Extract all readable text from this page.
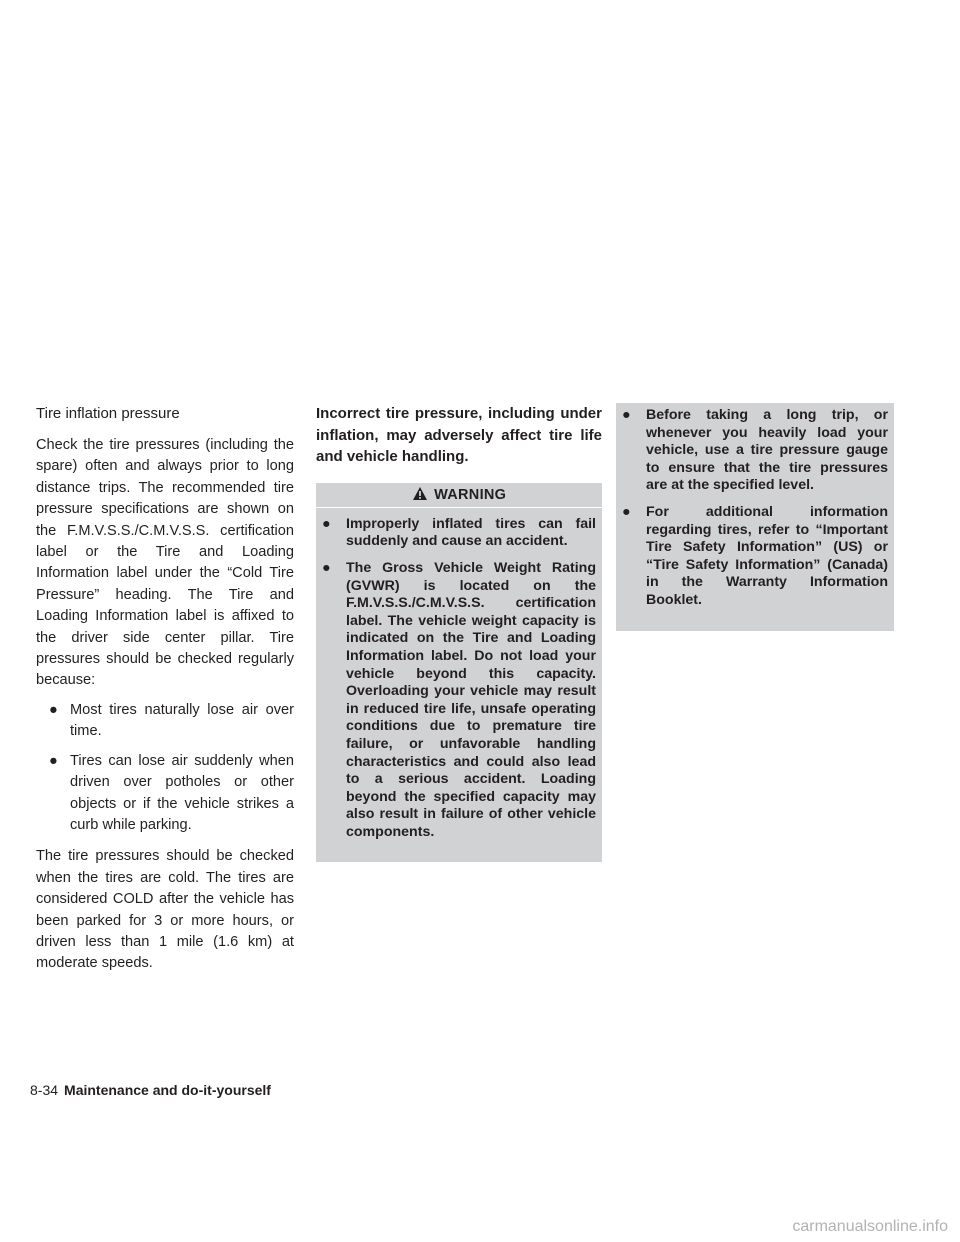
Tire inflation pressure

Check the tire pressures (including the spare) often and always prior to long distance trips. The recommended tire pressure specifications are shown on the F.M.V.S.S./C.M.V.S.S. certification label or the Tire and Loading Information label under the “Cold Tire Pressure” heading. The Tire and Loading Information label is affixed to the driver side center pillar. Tire pressures should be checked regularly because:

● Most tires naturally lose air over time.
● Tires can lose air suddenly when driven over potholes or other objects or if the vehicle strikes a curb while parking.

The tire pressures should be checked when the tires are cold. The tires are considered COLD after the vehicle has been parked for 3 or more hours, or driven less than 1 mile (1.6 km) at moderate speeds.

Incorrect tire pressure, including under inflation, may adversely affect tire life and vehicle handling.

WARNING
● Improperly inflated tires can fail suddenly and cause an accident.
● The Gross Vehicle Weight Rating (GVWR) is located on the F.M.V.S.S./C.M.V.S.S. certification label. The vehicle weight capacity is indicated on the Tire and Loading Information label. Do not load your vehicle beyond this capacity. Overloading your vehicle may result in reduced tire life, unsafe operating conditions due to premature tire failure, or unfavorable handling characteristics and could also lead to a serious accident. Loading beyond the specified capacity may also result in failure of other vehicle components.
● Before taking a long trip, or whenever you heavily load your vehicle, use a tire pressure gauge to ensure that the tire pressures are at the specified level.
● For additional information regarding tires, refer to “Important Tire Safety Information” (US) or “Tire Safety Information” (Canada) in the Warranty Information Booklet.
8-34 Maintenance and do-it-yourself
carmanualsonline.info
